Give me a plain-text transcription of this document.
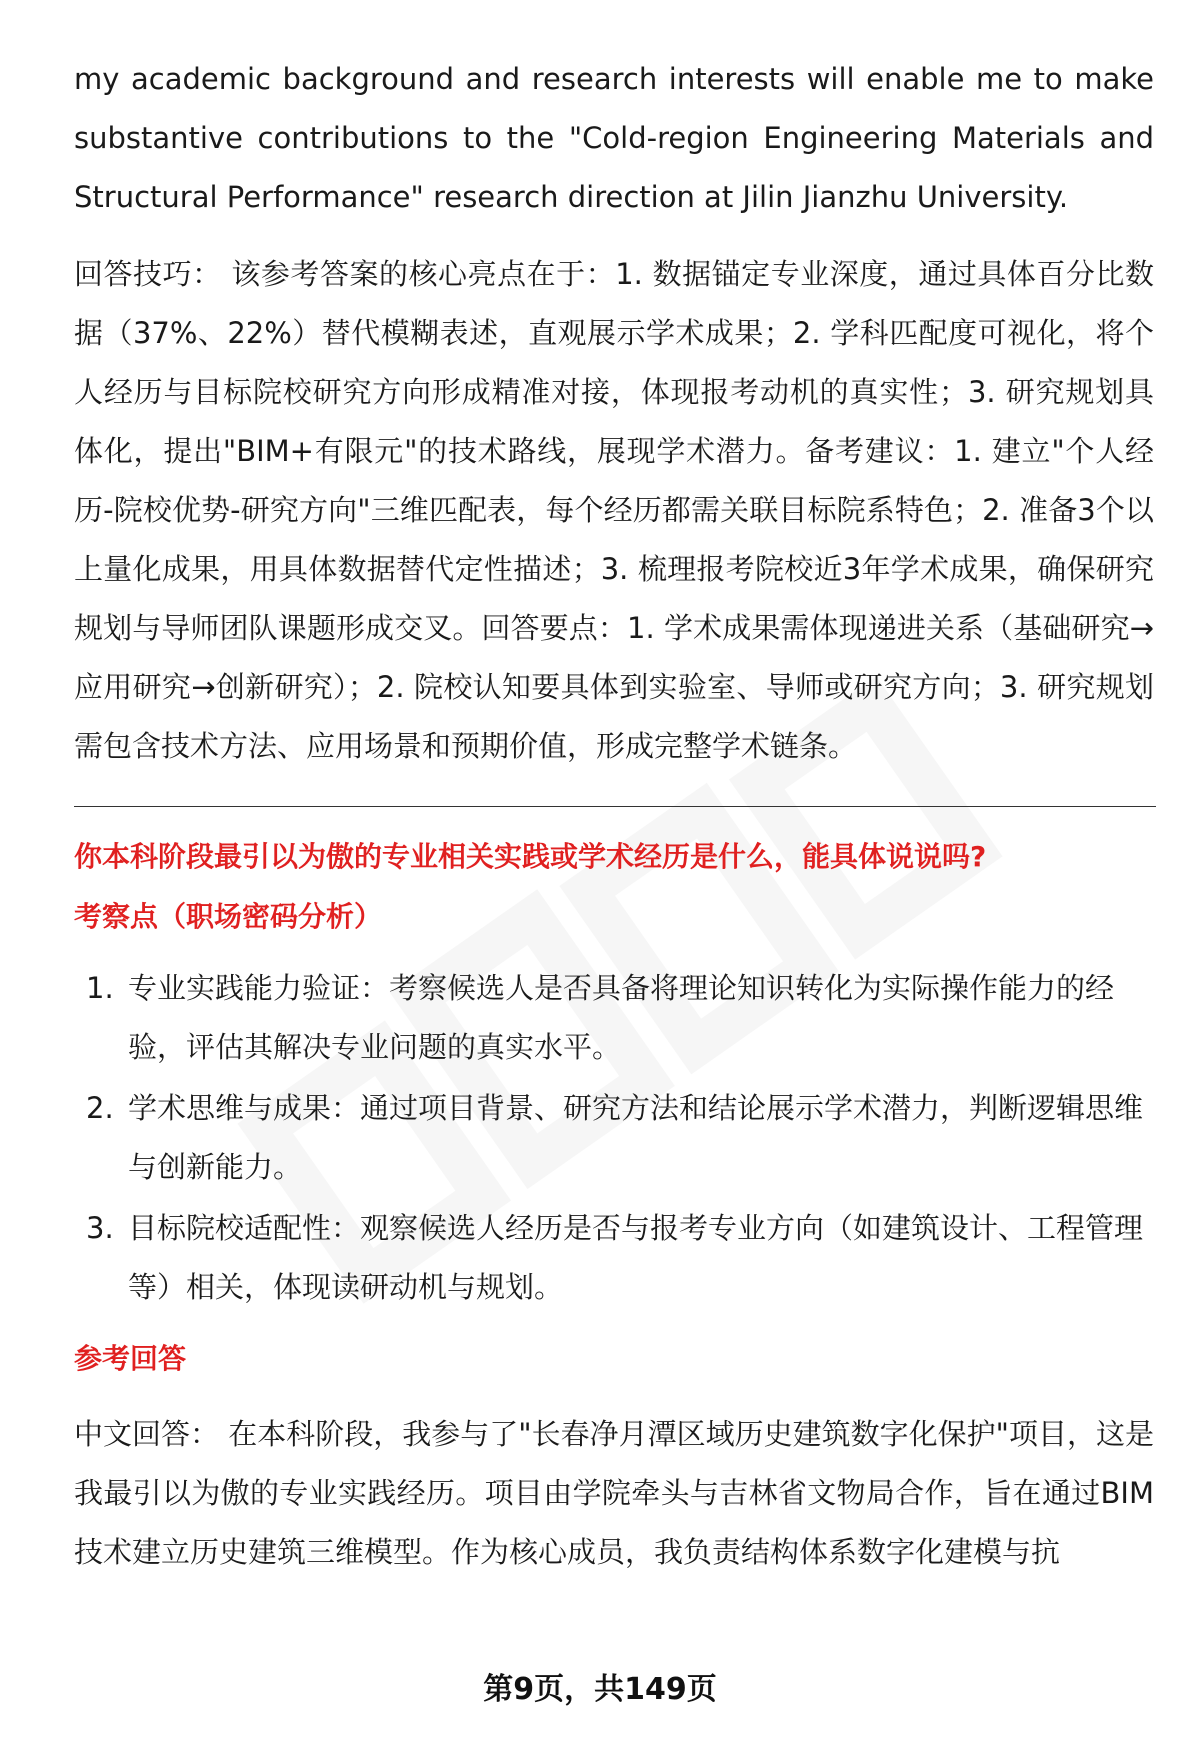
my academic background and research interests will enable me to make substantive contributions to the "Cold-region Engineering Materials and Structural Performance" research direction at Jilin Jianzhu University.

回答技巧： 该参考答案的核心亮点在于：1. 数据锚定专业深度，通过具体百分比数据（37%、22%）替代模糊表述，直观展示学术成果；2. 学科匹配度可视化，将个人经历与目标院校研究方向形成精准对接，体现报考动机的真实性；3. 研究规划具体化，提出"BIM+有限元"的技术路线，展现学术潜力。备考建议：1. 建立"个人经历-院校优势-研究方向"三维匹配表，每个经历都需关联目标院系特色；2. 准备3个以上量化成果，用具体数据替代定性描述；3. 梳理报考院校近3年学术成果，确保研究规划与导师团队课题形成交叉。回答要点：1. 学术成果需体现递进关系（基础研究→应用研究→创新研究）；2. 院校认知要具体到实验室、导师或研究方向；3. 研究规划需包含技术方法、应用场景和预期价值，形成完整学术链条。

你本科阶段最引以为傲的专业相关实践或学术经历是什么，能具体说说吗?

考察点（职场密码分析）

1. 专业实践能力验证：考察候选人是否具备将理论知识转化为实际操作能力的经验，评估其解决专业问题的真实水平。
2. 学术思维与成果：通过项目背景、研究方法和结论展示学术潜力，判断逻辑思维与创新能力。
3. 目标院校适配性：观察候选人经历是否与报考专业方向（如建筑设计、工程管理等）相关，体现读研动机与规划。

参考回答

中文回答： 在本科阶段，我参与了"长春净月潭区域历史建筑数字化保护"项目，这是我最引以为傲的专业实践经历。项目由学院牵头与吉林省文物局合作，旨在通过BIM技术建立历史建筑三维模型。作为核心成员，我负责结构体系数字化建模与抗

第9页，共149页
